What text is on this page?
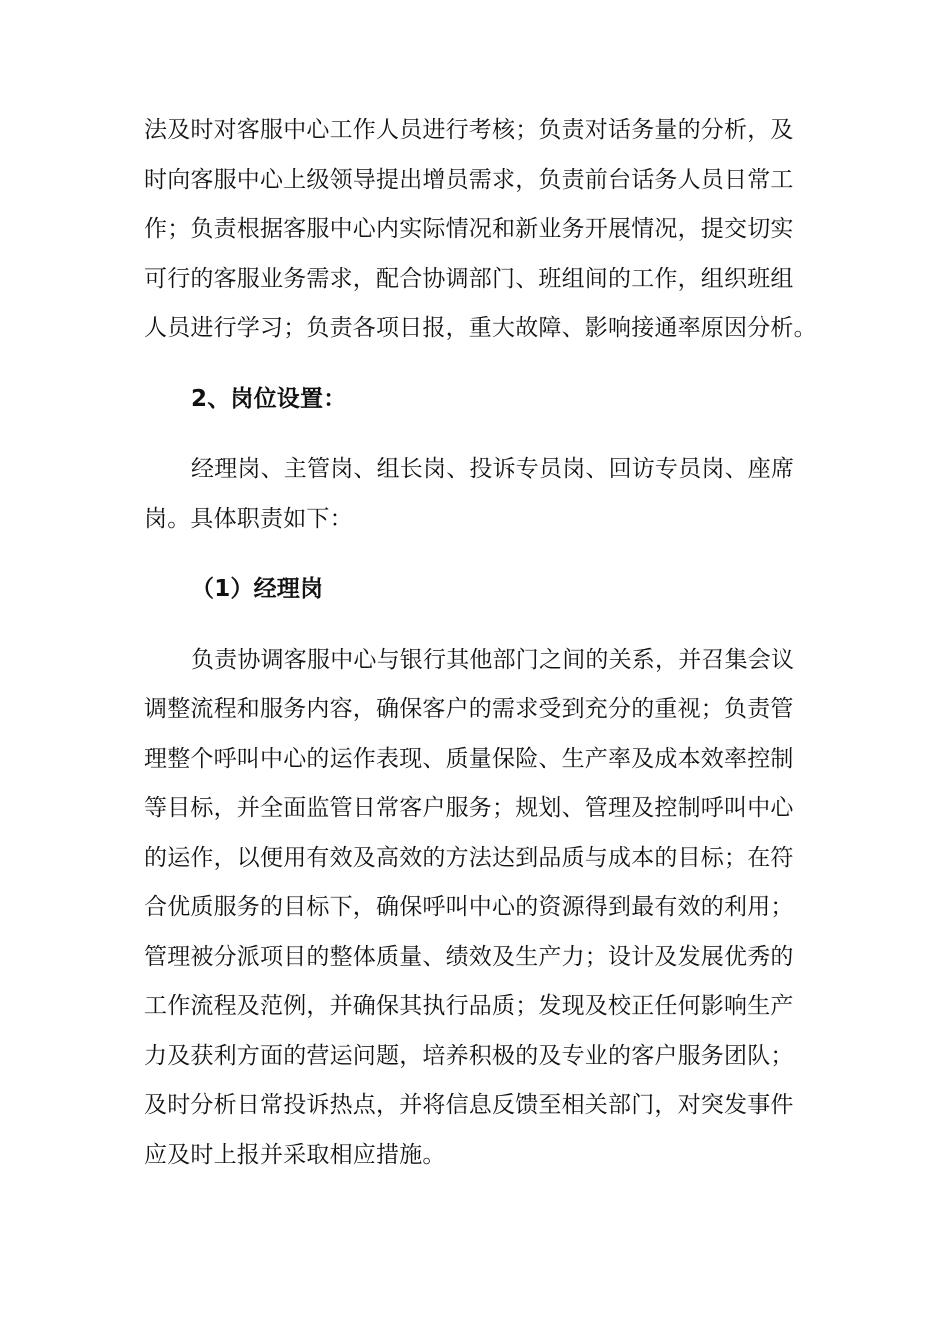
法及时对客服中心工作人员进行考核；负责对话务量的分析，及
时向客服中心上级领导提出增员需求，负责前台话务人员日常工
作；负责根据客服中心内实际情况和新业务开展情况，提交切实
可行的客服业务需求，配合协调部门、班组间的工作，组织班组
人员进行学习；负责各项日报，重大故障、影响接通率原因分析。
2、岗位设置：
经理岗、主管岗、组长岗、投诉专员岗、回访专员岗、座席
岗。具体职责如下：
（1）经理岗
负责协调客服中心与银行其他部门之间的关系，并召集会议
调整流程和服务内容，确保客户的需求受到充分的重视；负责管
理整个呼叫中心的运作表现、质量保险、生产率及成本效率控制
等目标，并全面监管日常客户服务；规划、管理及控制呼叫中心
的运作，以便用有效及高效的方法达到品质与成本的目标；在符
合优质服务的目标下，确保呼叫中心的资源得到最有效的利用；
管理被分派项目的整体质量、绩效及生产力；设计及发展优秀的
工作流程及范例，并确保其执行品质；发现及校正任何影响生产
力及获利方面的营运问题，培养积极的及专业的客户服务团队；
及时分析日常投诉热点，并将信息反馈至相关部门，对突发事件
应及时上报并采取相应措施。
